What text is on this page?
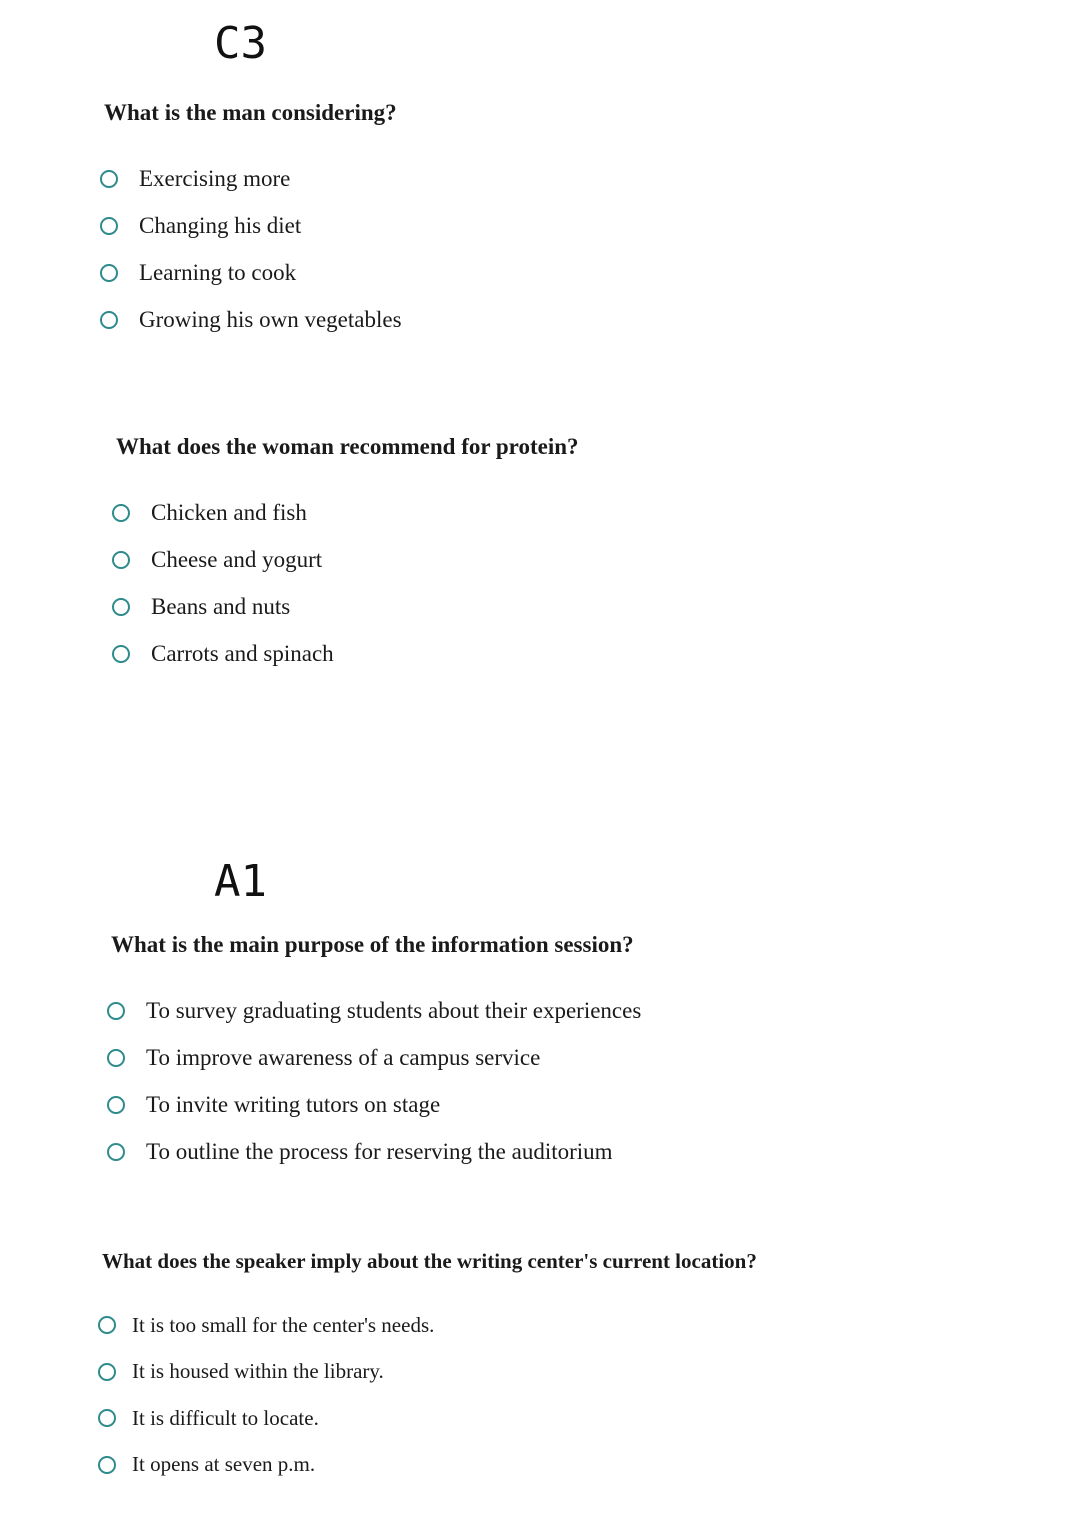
C3

What is the man considering?

Exercising more
Changing his diet
Learning to cook
Growing his own vegetables

What does the woman recommend for protein?

Chicken and fish
Cheese and yogurt
Beans and nuts
Carrots and spinach
A1

What is the main purpose of the information session?

To survey graduating students about their experiences
To improve awareness of a campus service
To invite writing tutors on stage
To outline the process for reserving the auditorium

What does the speaker imply about the writing center's current location?

It is too small for the center's needs.
It is housed within the library.
It is difficult to locate.
It opens at seven p.m.
